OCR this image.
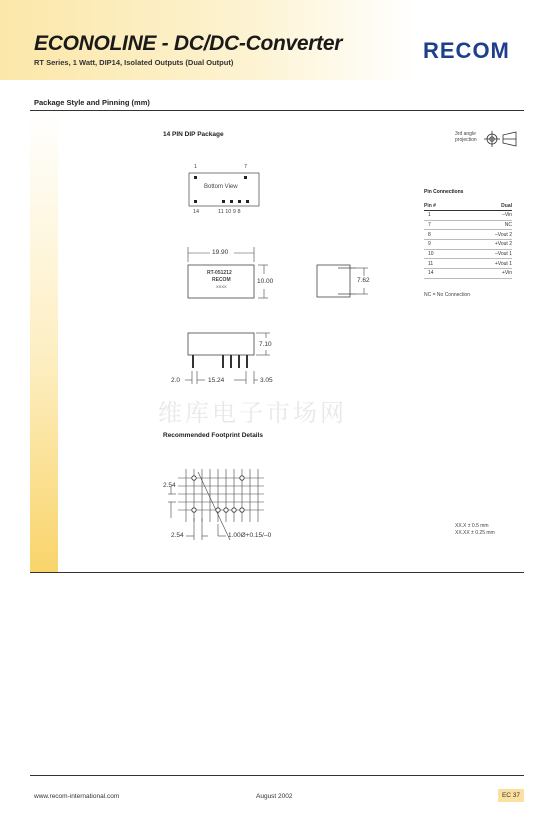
ECONOLINE - DC/DC-Converter
RT Series, 1 Watt, DIP14, Isolated Outputs (Dual Output)	RECOM
Package Style and Pinning (mm)
14 PIN DIP Package	3rd angle
projection
1	7
Bottom View
14	11 10 9 8
19.90
RT-051212
RECOM
XXXX
10.00	7.62
7.10
2.0	15.24	3.05
Pin Connections
Pin #	Dual
1	–Vin
7	NC
8	–Vout 2
9	+Vout 2
10	–Vout 1
11	+Vout 1
14	+Vin
NC = No Connection
维库电子市场网
Recommended Footprint Details
2.54
2.54	1.00Ø+0.15/–0
XX.X ± 0.5 mm
XX.XX ± 0.25 mm
www.recom-international.com	August 2002	EC 37
